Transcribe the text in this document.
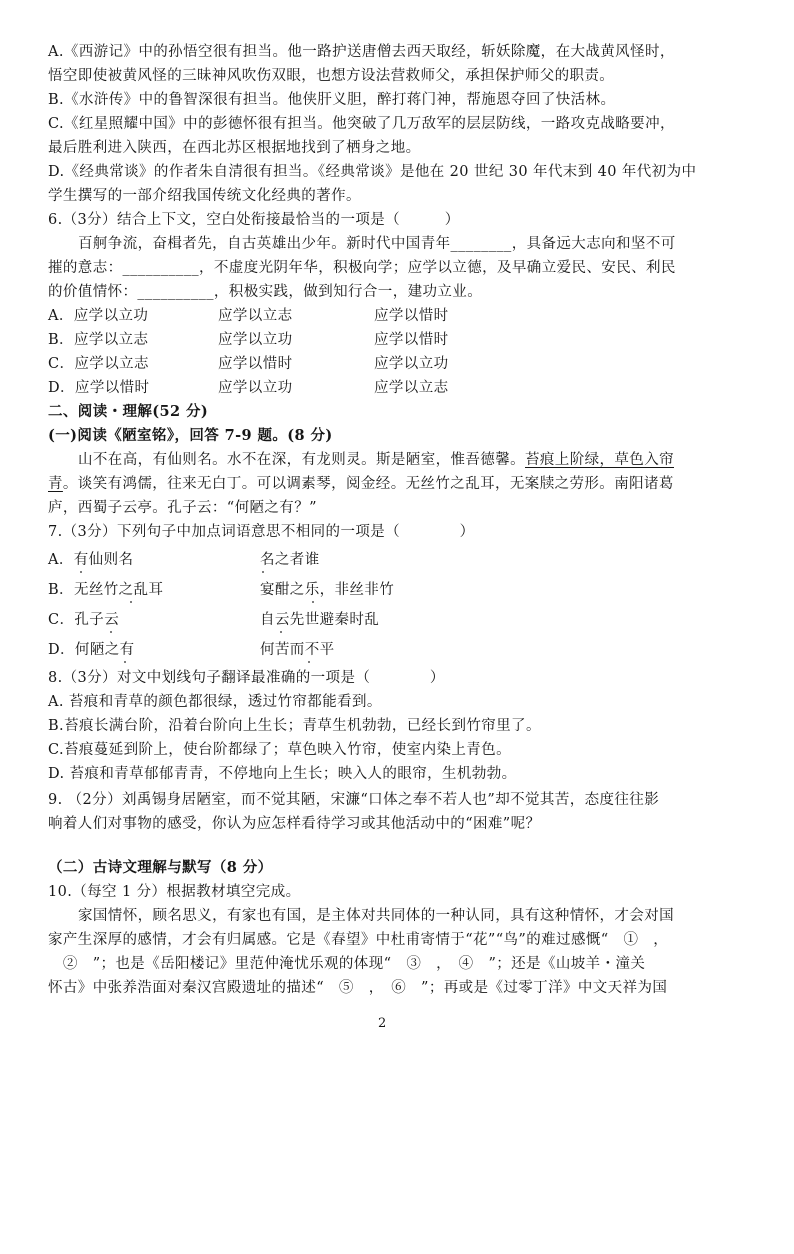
A.《西游记》中的孙悟空很有担当。他一路护送唐僧去西天取经，斩妖除魔，在大战黄风怪时，
悟空即使被黄风怪的三昧神风吹伤双眼，也想方设法营救师父，承担保护师父的职责。
B.《水浒传》中的鲁智深很有担当。他侠肝义胆，醉打蒋门神，帮施恩夺回了快活林。
C.《红星照耀中国》中的彭德怀很有担当。他突破了几万敌军的层层防线，一路攻克战略要冲，
最后胜利进入陕西，在西北苏区根据地找到了栖身之地。
D.《经典常谈》的作者朱自清很有担当。《经典常谈》是他在 20 世纪 30 年代末到 40 年代初为中
学生撰写的一部介绍我国传统文化经典的著作。
6.（3分）结合上下文，空白处衔接最恰当的一项是（　　　）
百舸争流，奋楫者先，自古英雄出少年。新时代中国青年________，具备远大志向和坚不可
摧的意志：__________，不虚度光阴年华，积极向学；应学以立德，及早确立爱民、安民、利民
的价值情怀：__________，积极实践，做到知行合一，建功立业。
A．应学以立功	应学以立志	应学以惜时
B．应学以立志	应学以立功	应学以惜时
C．应学以立志	应学以惜时	应学以立功
D．应学以惜时	应学以立功	应学以立志
二、阅读・理解(52 分)
(一)阅读《陋室铭》，回答 7-9 题。(8 分)
山不在高，有仙则名。水不在深，有龙则灵。斯是陋室，惟吾德馨。苔痕上阶绿，草色入帘
青。谈笑有鸿儒，往来无白丁。可以调素琴，阅金经。无丝竹之乱耳，无案牍之劳形。南阳诸葛
庐，西蜀子云亭。孔子云：“何陋之有？”
7.（3分）下列句子中加点词语意思不相同的一项是（　　　　）
A．有仙则名	名之者谁
B．无丝竹之乱耳	宴酣之乐，非丝非竹
C．孔子云	自云先世避秦时乱
D．何陋之有	何苦而不平
8.（3分）对文中划线句子翻译最准确的一项是（　　　　）
A. 苔痕和青草的颜色都很绿，透过竹帘都能看到。
B.苔痕长满台阶，沿着台阶向上生长；青草生机勃勃，已经长到竹帘里了。
C.苔痕蔓延到阶上，使台阶都绿了；草色映入竹帘，使室内染上青色。
D. 苔痕和青草郁郁青青，不停地向上生长；映入人的眼帘，生机勃勃。
9. （2分）刘禹锡身居陋室，而不觉其陋，宋濂“口体之奉不若人也”却不觉其苦，态度往往影
响着人们对事物的感受，你认为应怎样看待学习或其他活动中的“困难”呢？
（二）古诗文理解与默写（8 分）
10.（每空 1 分）根据教材填空完成。
家国情怀，顾名思义，有家也有国，是主体对共同体的一种认同，具有这种情怀，才会对国
家产生深厚的感情，才会有归属感。它是《春望》中杜甫寄情于“花”“鸟”的难过感慨“　①　，
　②　”；也是《岳阳楼记》里范仲淹忧乐观的体现“　③　，　④　”；还是《山坡羊・潼关
怀古》中张养浩面对秦汉宫殿遗址的描述“　⑤　，　⑥　”；再或是《过零丁洋》中文天祥为国
2
